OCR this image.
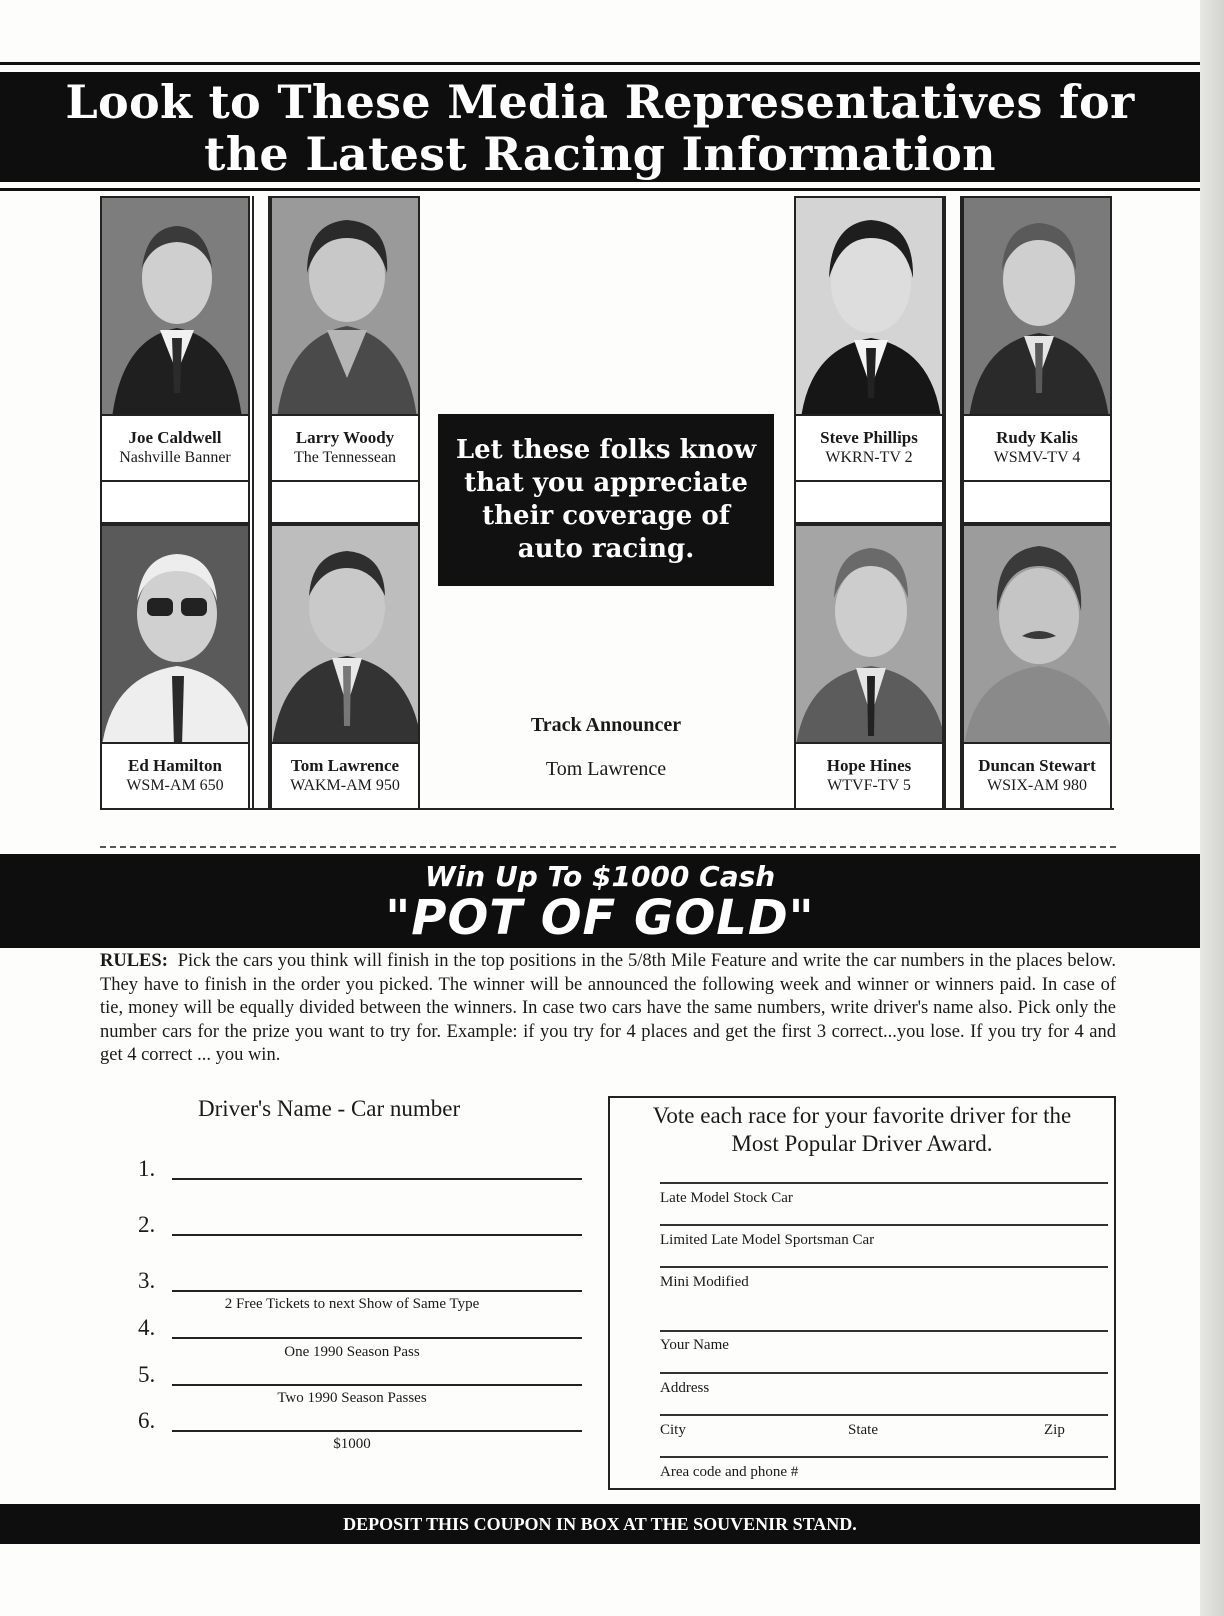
Look to These Media Representatives for
the Latest Racing Information
Joe Caldwell
Nashville Banner
Larry Woody
The Tennessean
Steve Phillips
WKRN-TV 2
Rudy Kalis
WSMV-TV 4
Ed Hamilton
WSM-AM 650
Tom Lawrence
WAKM-AM 950
Hope Hines
WTVF-TV 5
Duncan Stewart
WSIX-AM 980
Let these folks know
that you appreciate
their coverage of
auto racing.
Track Announcer
Tom Lawrence
Win Up To $1000 Cash
"POT OF GOLD"
RULES: Pick the cars you think will finish in the top positions in the 5/8th Mile Feature and write the car numbers in the places below. They have to finish in the order you picked. The winner will be announced the following week and winner or winners paid. In case of tie, money will be equally divided between the winners. In case two cars have the same numbers, write driver's name also. Pick only the number cars for the prize you want to try for. Example: if you try for 4 places and get the first 3 correct...you lose. If you try for 4 and get 4 correct ... you win.
Driver's Name - Car number
1.
2.
3.
2 Free Tickets to next Show of Same Type
4.
One 1990 Season Pass
5.
Two 1990 Season Passes
6.
$1000
Vote each race for your favorite driver for the
Most Popular Driver Award.
Late Model Stock Car
Limited Late Model Sportsman Car
Mini Modified
Your Name
Address
City	State	Zip
Area code and phone #
DEPOSIT THIS COUPON IN BOX AT THE SOUVENIR STAND.
